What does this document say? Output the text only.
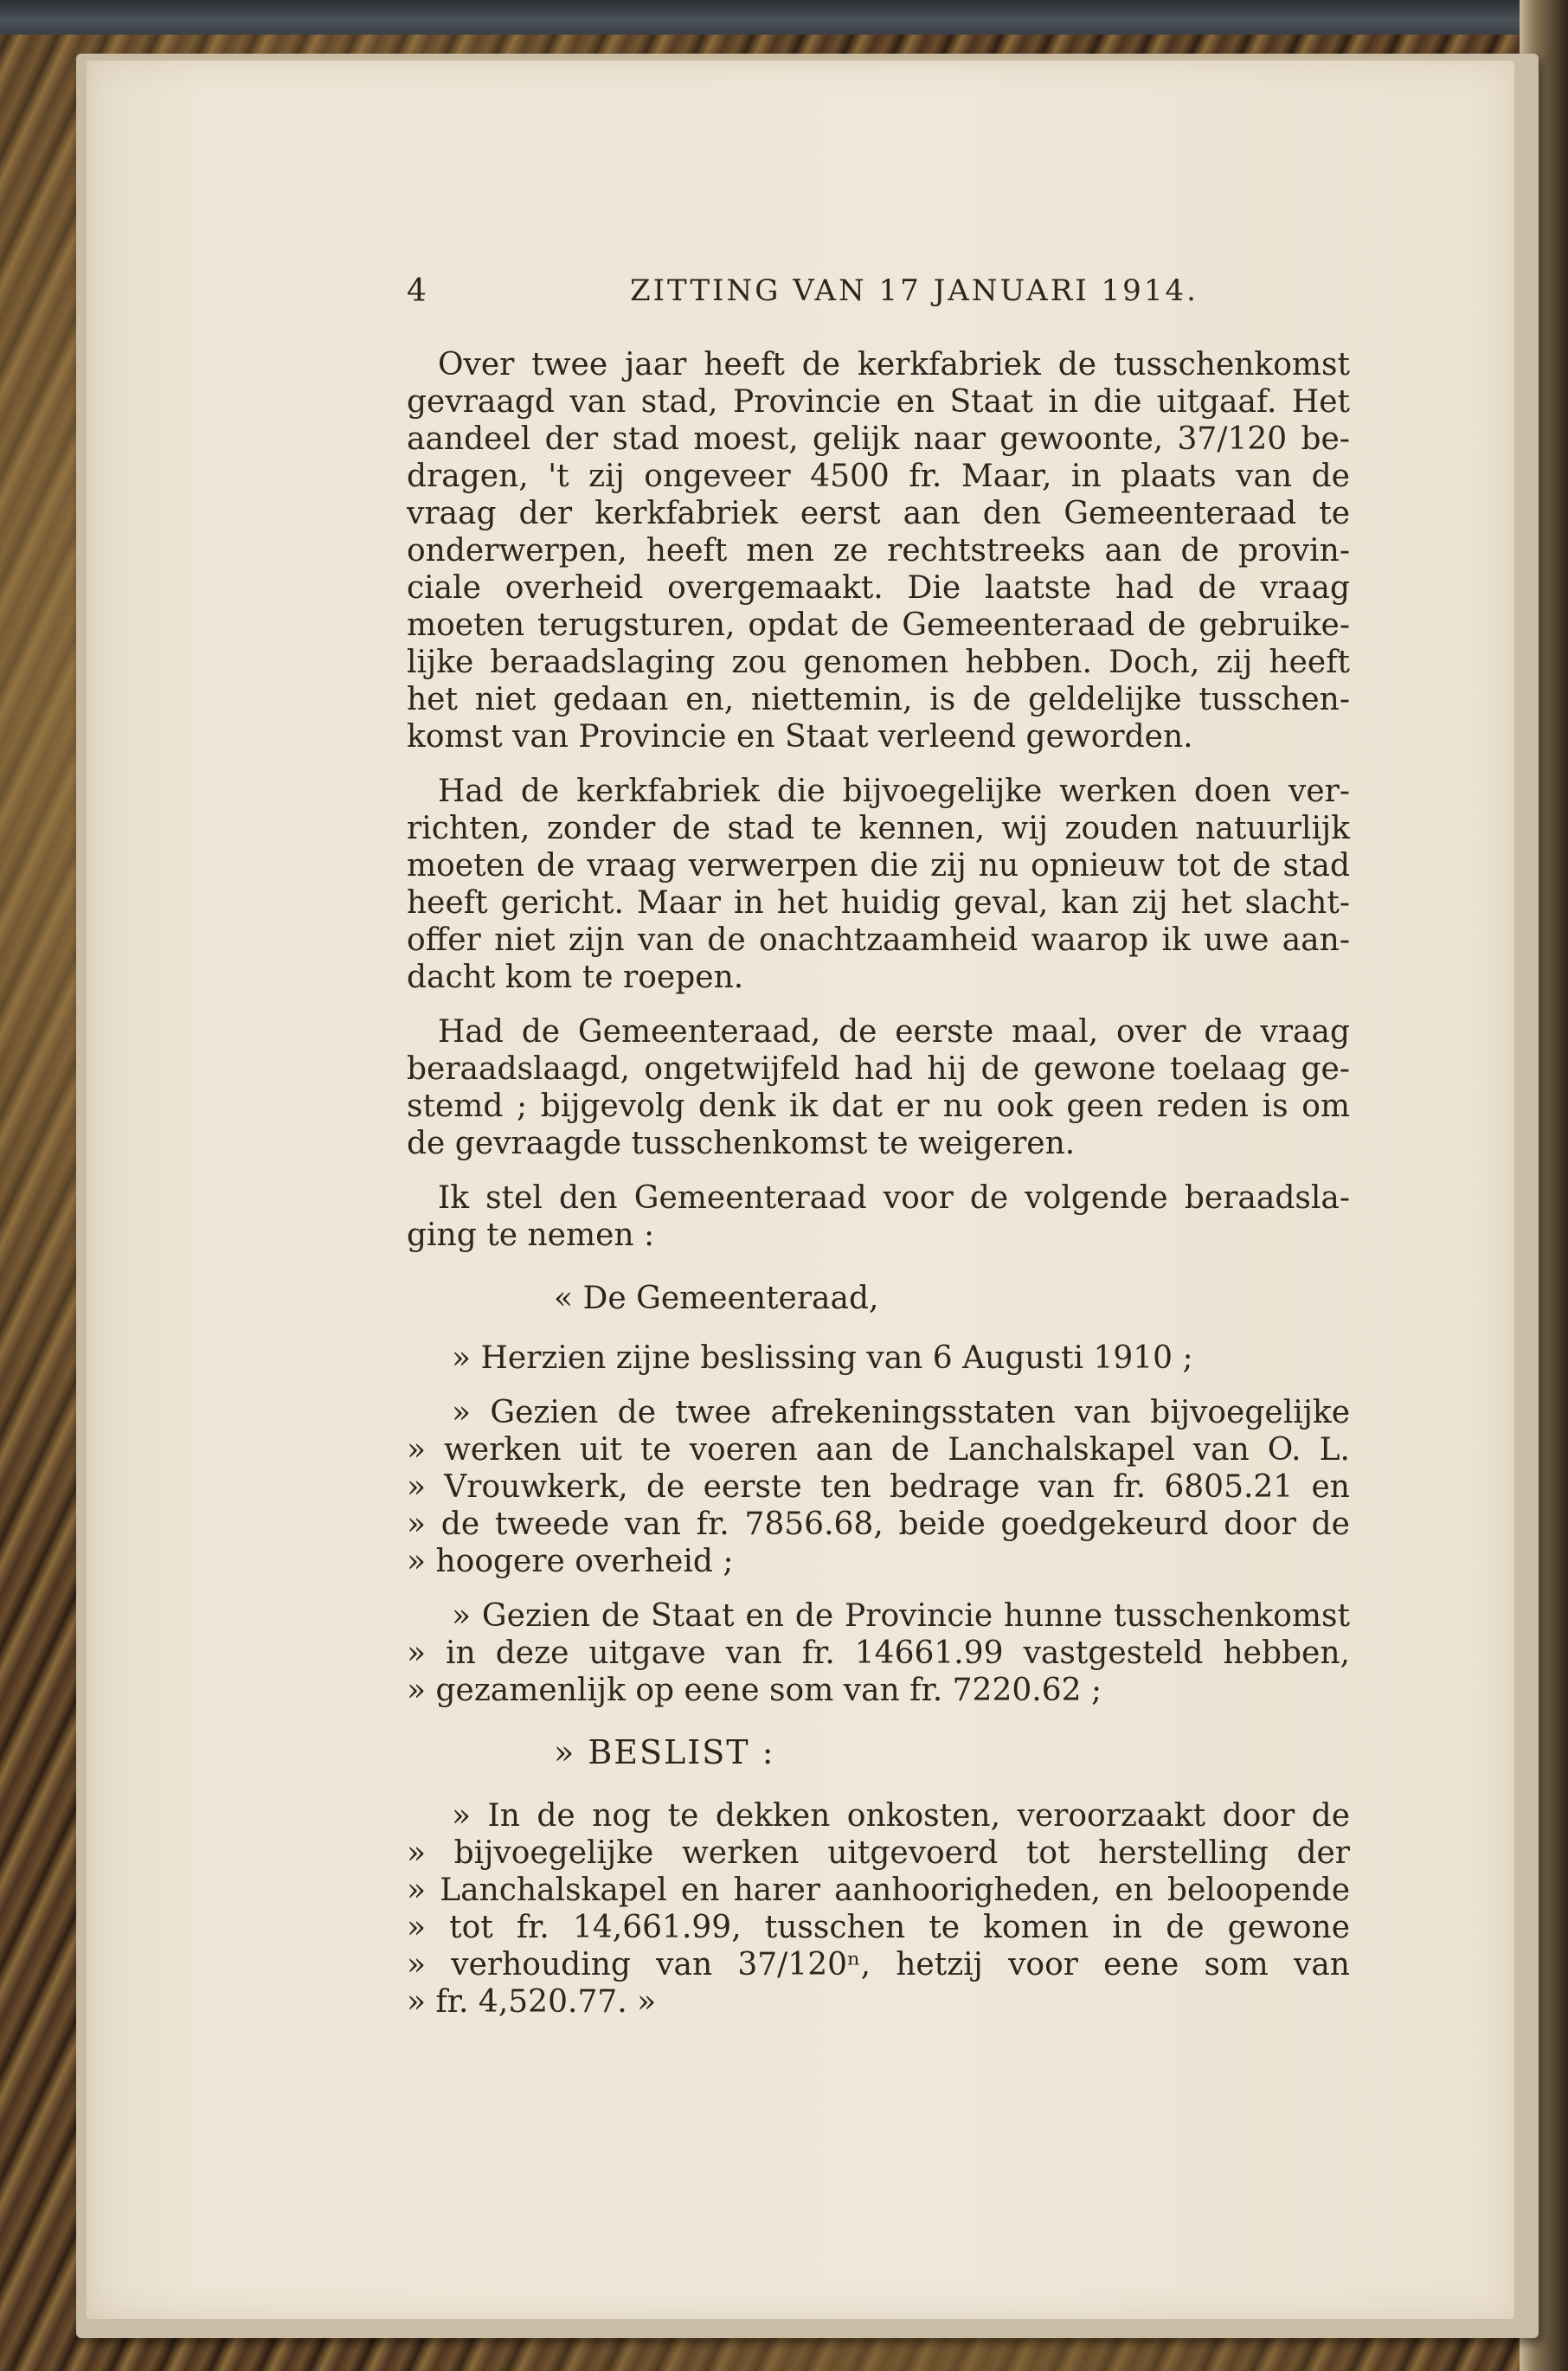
4	ZITTING VAN 17 JANUARI 1914.
Over twee jaar heeft de kerkfabriek de tusschenkomst
gevraagd van stad, Provincie en Staat in die uitgaaf. Het
aandeel der stad moest, gelijk naar gewoonte, 37/120 be-
dragen, 't zij ongeveer 4500 fr. Maar, in plaats van de
vraag der kerkfabriek eerst aan den Gemeenteraad te
onderwerpen, heeft men ze rechtstreeks aan de provin-
ciale overheid overgemaakt. Die laatste had de vraag
moeten terugsturen, opdat de Gemeenteraad de gebruike-
lijke beraadslaging zou genomen hebben. Doch, zij heeft
het niet gedaan en, niettemin, is de geldelijke tusschen-
komst van Provincie en Staat verleend geworden.
Had de kerkfabriek die bijvoegelijke werken doen ver-
richten, zonder de stad te kennen, wij zouden natuurlijk
moeten de vraag verwerpen die zij nu opnieuw tot de stad
heeft gericht. Maar in het huidig geval, kan zij het slacht-
offer niet zijn van de onachtzaamheid waarop ik uwe aan-
dacht kom te roepen.
Had de Gemeenteraad, de eerste maal, over de vraag
beraadslaagd, ongetwijfeld had hij de gewone toelaag ge-
stemd ; bijgevolg denk ik dat er nu ook geen reden is om
de gevraagde tusschenkomst te weigeren.
Ik stel den Gemeenteraad voor de volgende beraadsla-
ging te nemen :
« De Gemeenteraad,
» Herzien zijne beslissing van 6 Augusti 1910 ;
» Gezien de twee afrekeningsstaten van bijvoegelijke
» werken uit te voeren aan de Lanchalskapel van O. L.
» Vrouwkerk, de eerste ten bedrage van fr. 6805.21 en
» de tweede van fr. 7856.68, beide goedgekeurd door de
» hoogere overheid ;
» Gezien de Staat en de Provincie hunne tusschenkomst
» in deze uitgave van fr. 14661.99 vastgesteld hebben,
» gezamenlijk op eene som van fr. 7220.62 ;
» BESLIST :
» In de nog te dekken onkosten, veroorzaakt door de
» bijvoegelijke werken uitgevoerd tot herstelling der
» Lanchalskapel en harer aanhoorigheden, en beloopende
» tot fr. 14,661.99, tusschen te komen in de gewone
» verhouding van 37/120ⁿ, hetzij voor eene som van
» fr. 4,520.77. »
